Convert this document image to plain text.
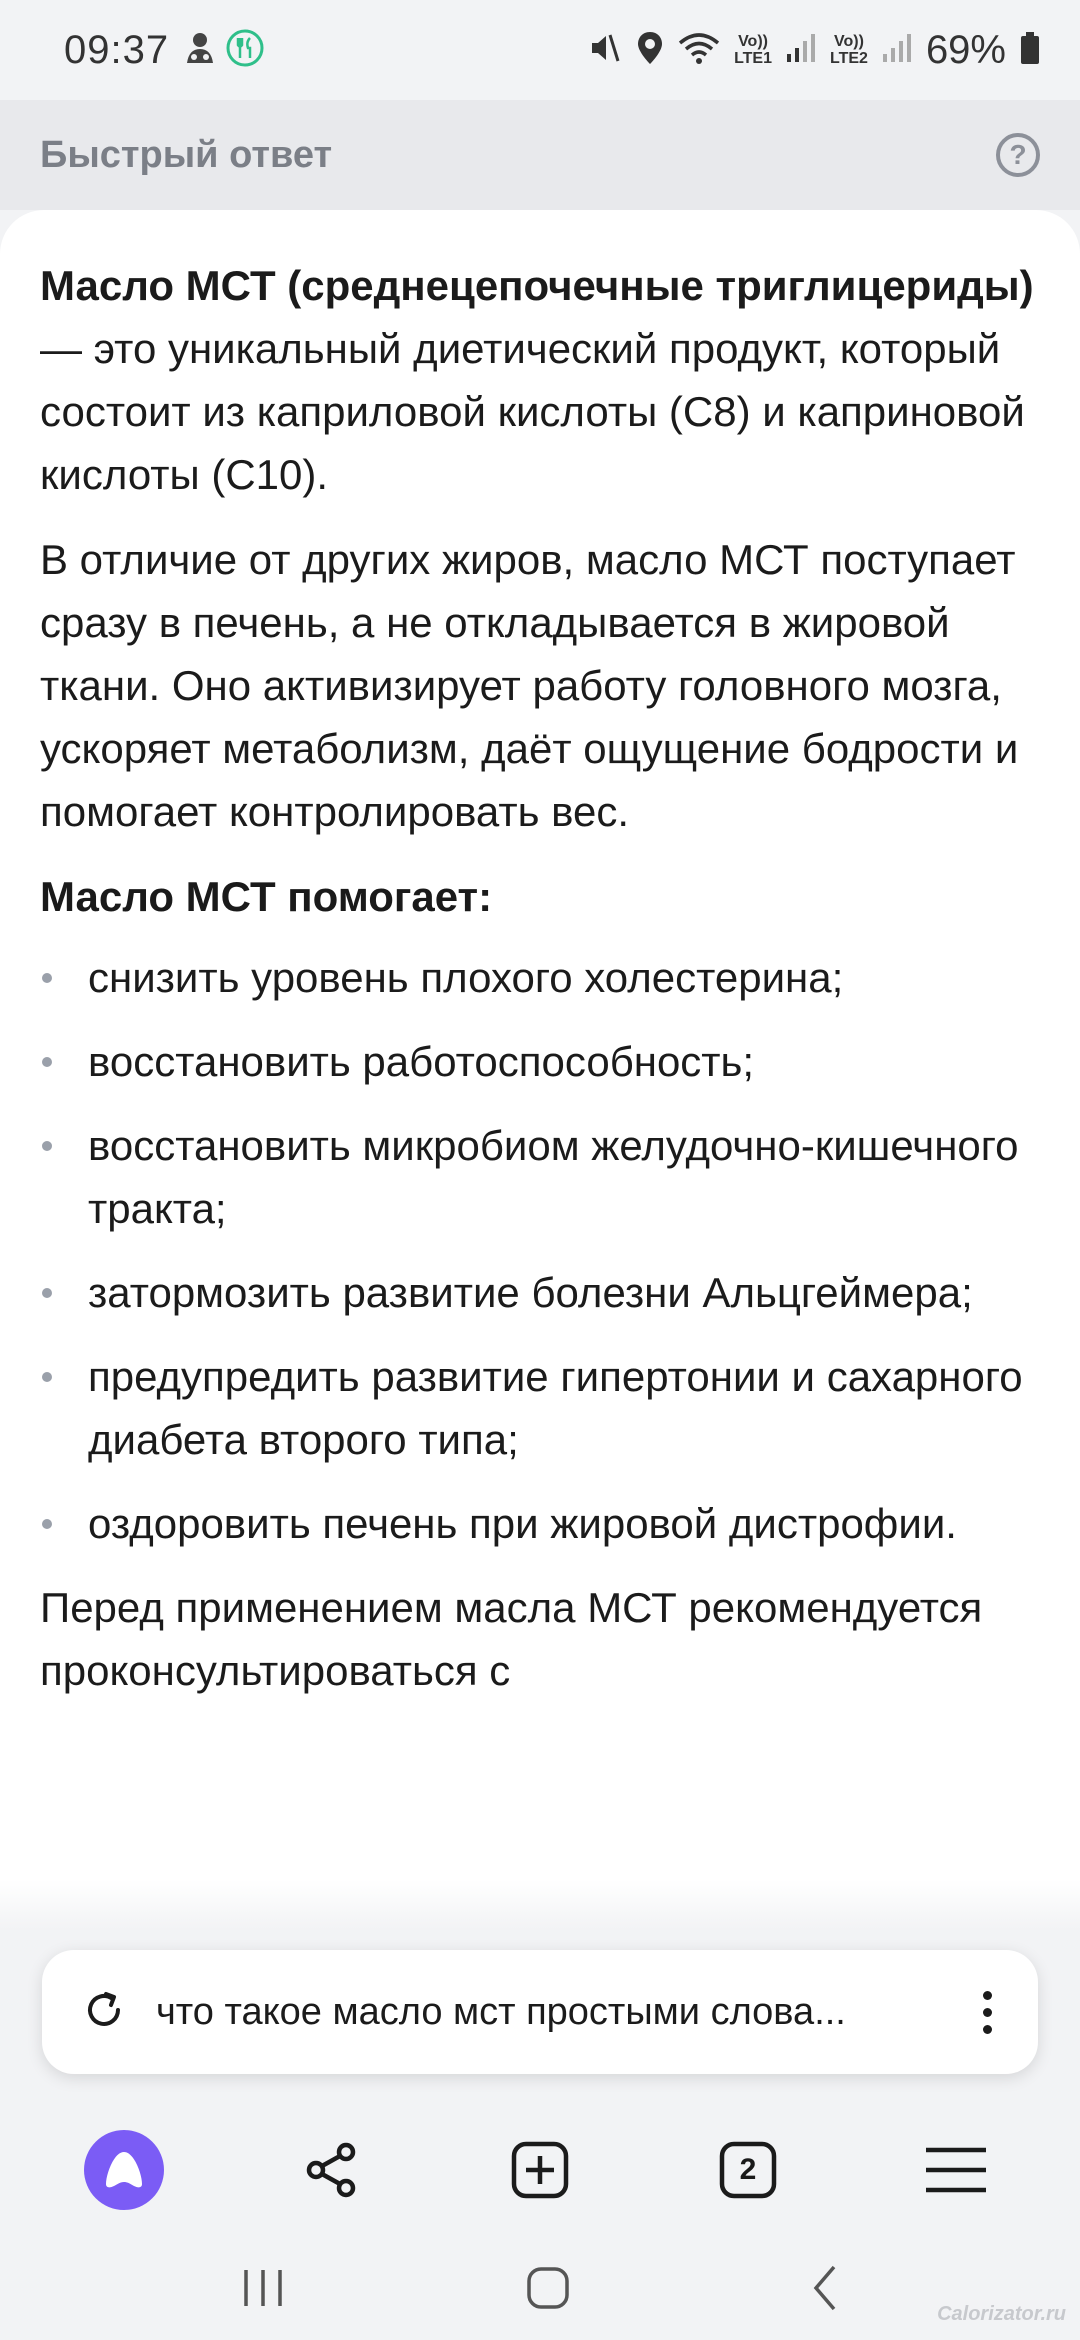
09:37	Vo))
LTE1
Vo))
LTE2 69%
Быстрый ответ	?

Масло МСТ (среднецепочечные триглицериды) — это уникальный диетический продукт, который состоит из каприловой кислоты (С8) и каприновой кислоты (С10).

В отличие от других жиров, масло МСТ поступает сразу в печень, а не откладывается в жировой ткани. Оно активизирует работу головного мозга, ускоряет метаболизм, даёт ощущение бодрости и помогает контролировать вес.

Масло МСТ помогает:

снизить уровень плохого холестерина;
восстановить работоспособность;
восстановить микробиом желудочно-кишечного тракта;
затормозить развитие болезни Альцгеймера;
предупредить развитие гипертонии и сахарного диабета второго типа;
оздоровить печень при жировой дистрофии.

Перед применением масла МСТ рекомендуется проконсультироваться с

что такое масло мст простыми слова...
2
Calorizator.ru
